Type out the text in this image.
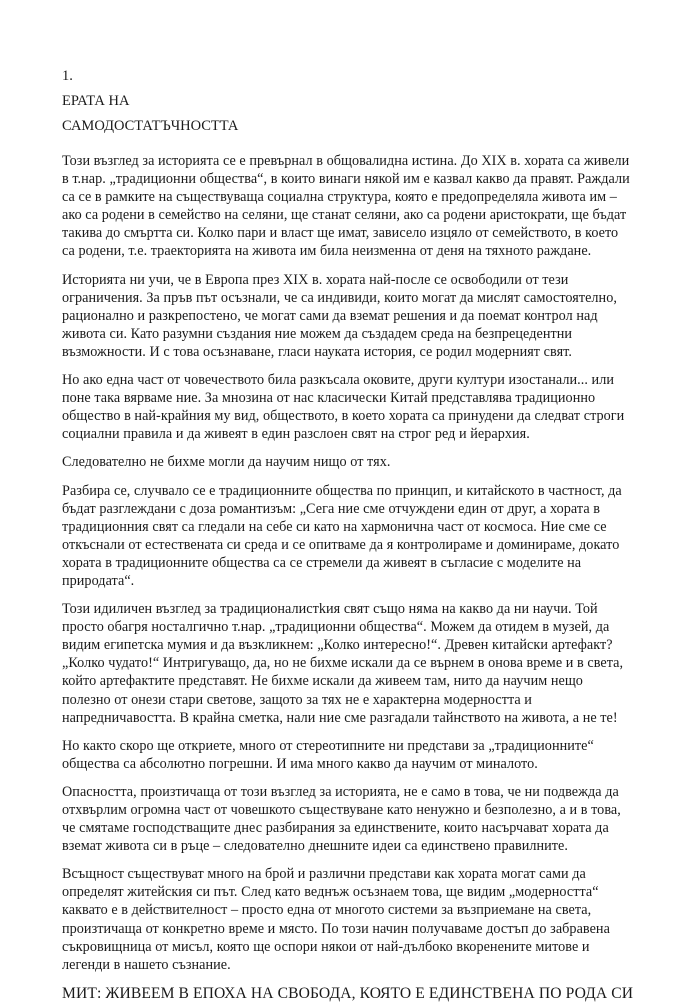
1.
ЕРАТА НА
САМОДОСТАТЪЧНОСТТА

Този възглед за историята се е превърнал в общовалидна истина. До XIX в. хората са живели в т.нар. „традиционни общества“, в които винаги някой им е казвал какво да правят. Раждали са се в рамките на съществуваща социална структура, която е предопределяла живота им – ако са родени в семейство на селяни, ще станат селяни, ако са родени аристократи, ще бъдат такива до смъртта си. Колко пари и власт ще имат, зависело изцяло от семейството, в което са родени, т.е. траекторията на живота им била неизменна от деня на тяхното раждане.

Историята ни учи, че в Европа през XIX в. хората най-после се освободили от тези ограничения. За пръв път осъзнали, че са индивиди, които могат да мислят самостоятелно, рационално и разкрепостено, че могат сами да вземат решения и да поемат контрол над живота си. Като разумни създания ние можем да създадем среда на безпрецедентни възможности. И с това осъзнаване, гласи науката история, се родил модерният свят.

Но ако една част от човечеството била разкъсала оковите, други култури изостанали... или поне така вярваме ние. За мнозина от нас класически Китай представлява традиционно общество в най-крайния му вид, обществото, в което хората са принудени да следват строги социални правила и да живеят в един разслоен свят на строг ред и йерархия.

Следователно не бихме могли да научим нищо от тях.

Разбира се, случвало се е традиционните общества по принцип, и китайското в частност, да бъдат разглеждани с доза романтизъм: „Сега ние сме отчуждени един от друг, а хората в традиционния свят са гледали на себе си като на хармонична част от космоса. Ние сме се откъснали от естествената си среда и се опитваме да я контролираме и доминираме, докато хората в традиционните общества са се стремели да живеят в съгласие с моделите на природата“.

Този идиличен възглед за традиционалистkия свят също няма на какво да ни научи. Той просто обагря носталгично т.нар. „традиционни общества“. Можем да отидем в музей, да видим египетска мумия и да възкликнем: „Колко интересно!“. Древен китайски артефакт? „Колко чудато!“ Интригуващо, да, но не бихме искали да се върнем в онова време и в света, който артефактите представят. Не бихме искали да живеем там, нито да научим нещо полезно от онези стари светове, защото за тях не е характерна модерността и напредничавостта. В крайна сметка, нали ние сме разгадали тайнството на живота, а не те!

Но както скоро ще откриете, много от стереотипните ни представи за „традиционните“ общества са абсолютно погрешни. И има много какво да научим от миналото.

Опасността, произтичаща от този възглед за историята, не е само в това, че ни подвежда да отхвърлим огромна част от човешкото съществуване като ненужно и безполезно, а и в това, че смятаме господстващите днес разбирания за единствените, които насърчават хората да вземат живота си в ръце – следователно днешните идеи са единствено правилните.

Всъщност съществуват много на брой и различни представи как хората могат сами да определят житейския си път. След като веднъж осъзнаем това, ще видим „модерността“ каквато е в действителност – просто една от многото системи за възприемане на света, произтичаща от конкретно време и място. По този начин получаваме достъп до забравена съкровищница от мисъл, която ще оспори някои от най-дълбоко вкоренените митове и легенди в нашето съзнание.

МИТ: ЖИВЕЕМ В ЕПОХА НА СВОБОДА, КОЯТО Е ЕДИНСТВЕНА ПО РОДА СИ
